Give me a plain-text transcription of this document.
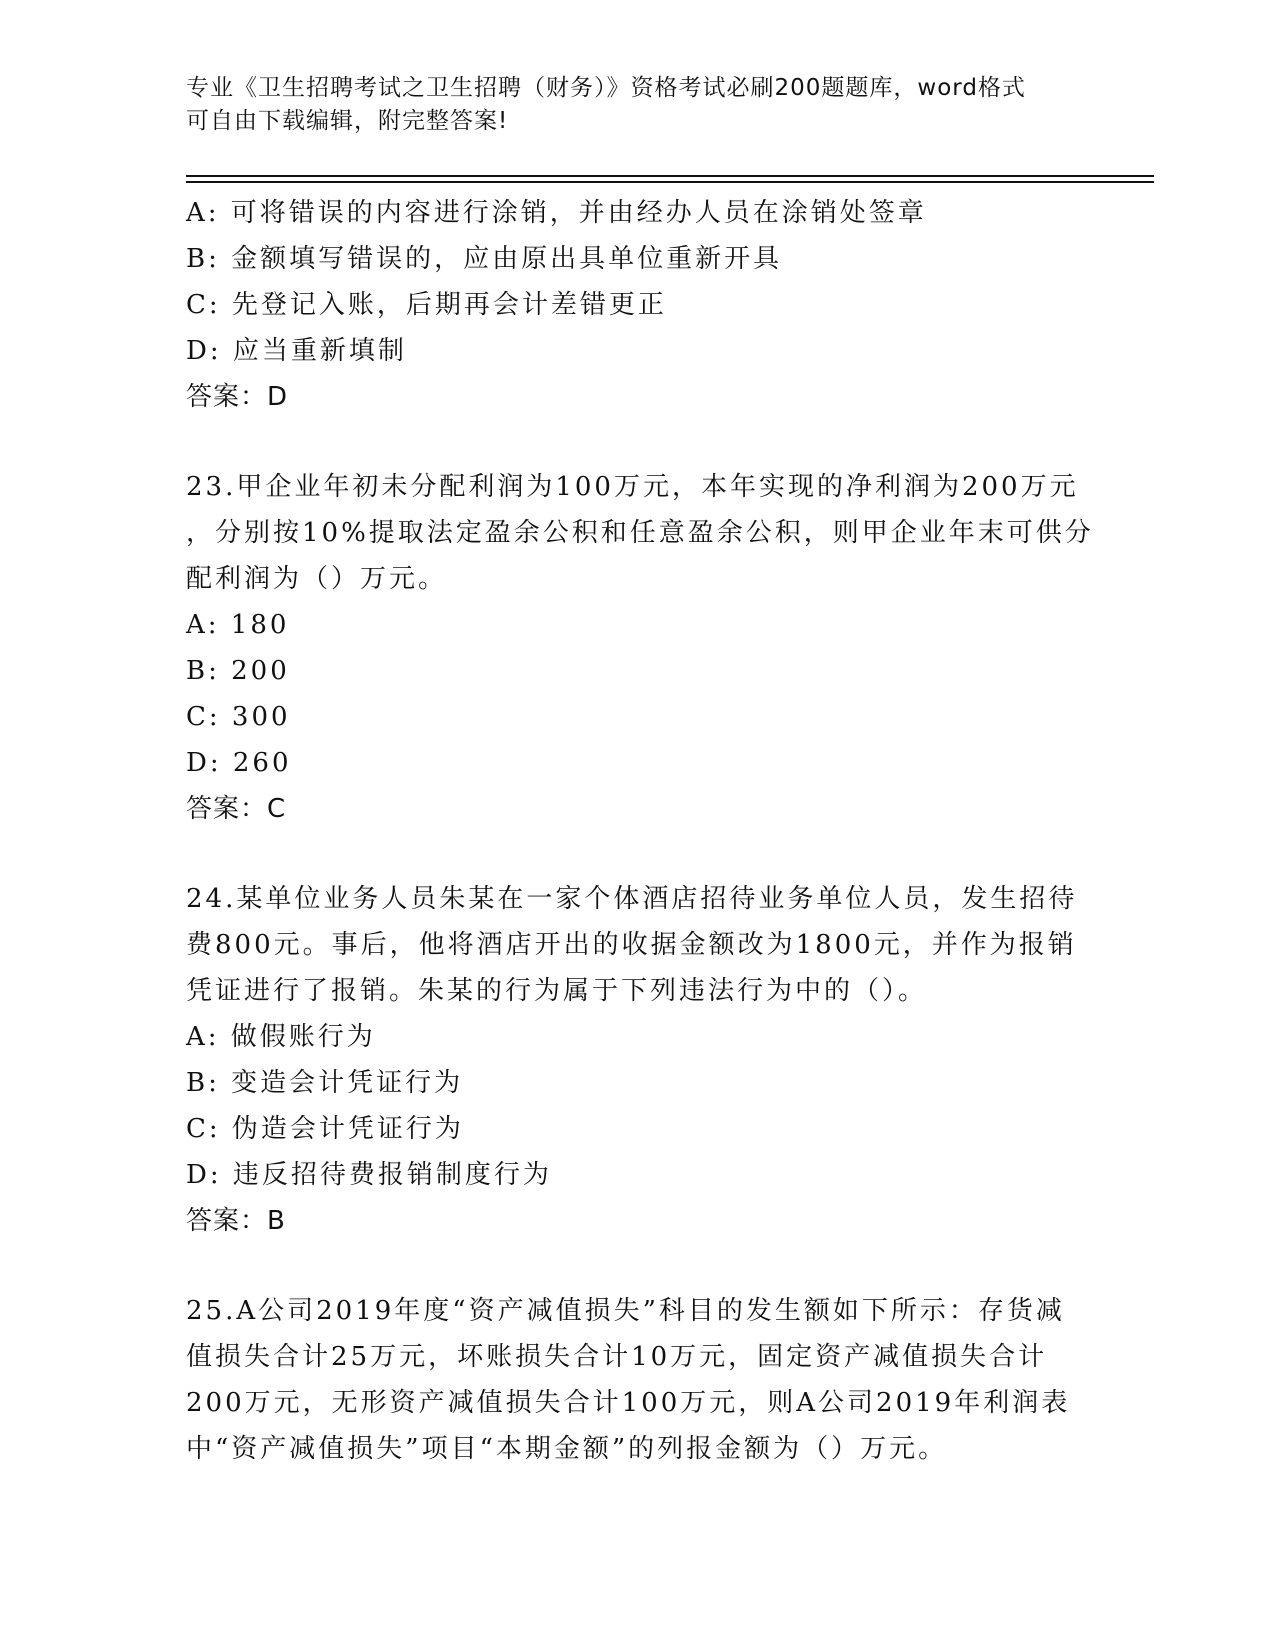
专业《卫生招聘考试之卫生招聘（财务）》资格考试必刷200题题库，word格式
可自由下载编辑，附完整答案!
A: 可将错误的内容进行涂销，并由经办人员在涂销处签章
B: 金额填写错误的，应由原出具单位重新开具
C: 先登记入账，后期再会计差错更正
D: 应当重新填制
答案：D
23.甲企业年初未分配利润为100万元，本年实现的净利润为200万元
，分别按10%提取法定盈余公积和任意盈余公积，则甲企业年末可供分
配利润为（）万元。
A: 180
B: 200
C: 300
D: 260
答案：C
24.某单位业务人员朱某在一家个体酒店招待业务单位人员，发生招待
费800元。事后，他将酒店开出的收据金额改为1800元，并作为报销
凭证进行了报销。朱某的行为属于下列违法行为中的（）。
A: 做假账行为
B: 变造会计凭证行为
C: 伪造会计凭证行为
D: 违反招待费报销制度行为
答案：B
25.A公司2019年度“资产减值损失”科目的发生额如下所示：存货减
值损失合计25万元，坏账损失合计10万元，固定资产减值损失合计
200万元，无形资产减值损失合计100万元，则A公司2019年利润表
中“资产减值损失”项目“本期金额”的列报金额为（）万元。
